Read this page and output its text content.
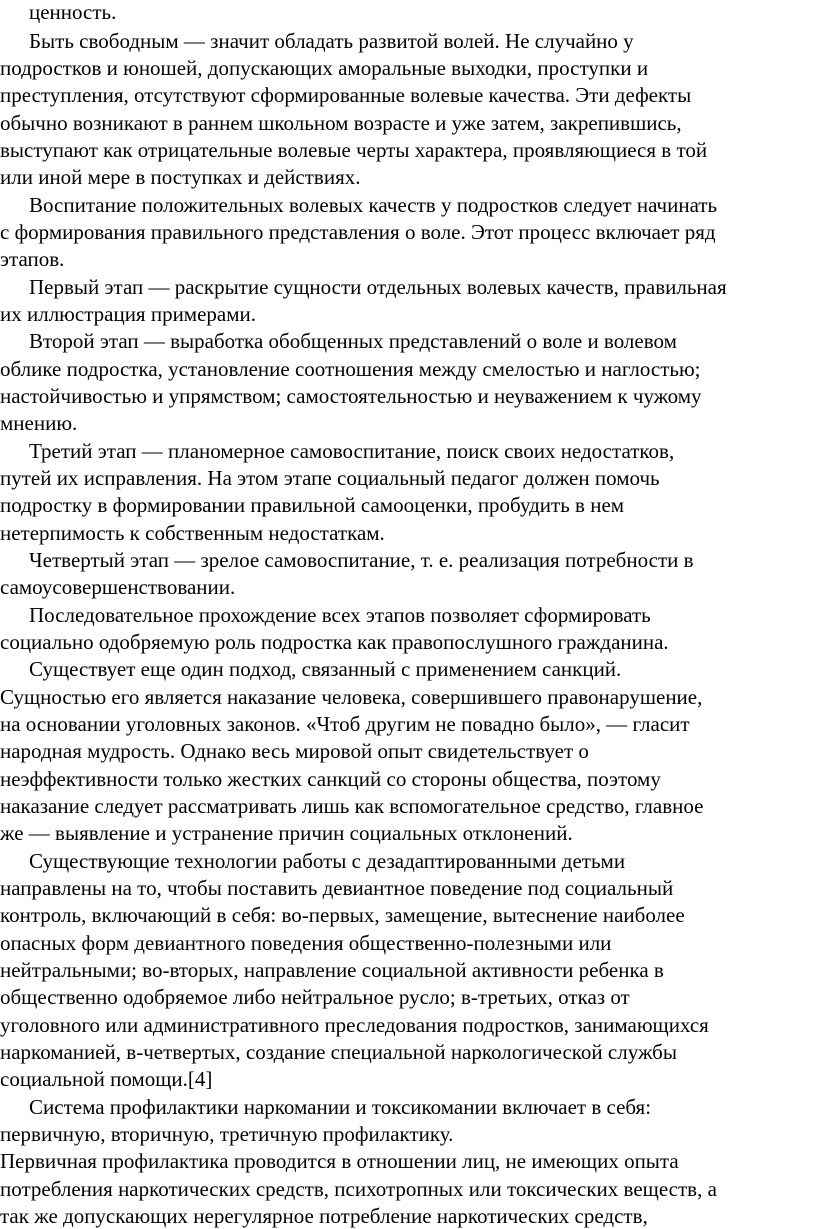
ценность.
Быть свободным — значит обладать развитой волей. Не случайно у
подростков и юношей, допускающих аморальные выходки, проступки и
преступления, отсутствуют сформированные волевые качества. Эти дефекты
обычно возникают в раннем школьном возрасте и уже затем, закрепившись,
выступают как отрицательные волевые черты характера, проявляющиеся в той
или иной мере в поступках и действиях.
Воспитание положительных волевых качеств у подростков следует начинать
с формирования правильного представления о воле. Этот процесс включает ряд
этапов.
Первый этап — раскрытие сущности отдельных волевых качеств, правильная
их иллюстрация примерами.
Второй этап — выработка обобщенных представлений о воле и волевом
облике подростка, установление соотношения между смелостью и наглостью;
настойчивостью и упрямством; самостоятельностью и неуважением к чужому
мнению.
Третий этап — планомерное самовоспитание, поиск своих недостатков,
путей их исправления. На этом этапе социальный педагог должен помочь
подростку в формировании правильной самооценки, пробудить в нем
нетерпимость к собственным недостаткам.
Четвертый этап — зрелое самовоспитание, т. е. реализация потребности в
самоусовершенствовании.
Последовательное прохождение всех этапов позволяет сформировать
социально одобряемую роль подростка как правопослушного гражданина.
Существует еще один подход, связанный с применением санкций.
Сущностью его является наказание человека, совершившего правонарушение,
на основании уголовных законов. «Чтоб другим не повадно было», — гласит
народная мудрость. Однако весь мировой опыт свидетельствует о
неэффективности только жестких санкций со стороны общества, поэтому
наказание следует рассматривать лишь как вспомогательное средство, главное
же — выявление и устранение причин социальных отклонений.
Существующие технологии работы с дезадаптированными детьми
направлены на то, чтобы поставить девиантное поведение под социальный
контроль, включающий в себя: во-первых, замещение, вытеснение наиболее
опасных форм девиантного поведения общественно-полезными или
нейтральными; во-вторых, направление социальной активности ребенка в
общественно одобряемое либо нейтральное русло; в-третьих, отказ от
уголовного или административного преследования подростков, занимающихся
наркоманией, в-четвертых, создание специальной наркологической службы
социальной помощи.[4]
Система профилактики наркомании и токсикомании включает в себя:
первичную, вторичную, третичную профилактику.
Первичная профилактика проводится в отношении лиц, не имеющих опыта
потребления наркотических средств, психотропных или токсических веществ, а
так же допускающих нерегулярное потребление наркотических средств,
